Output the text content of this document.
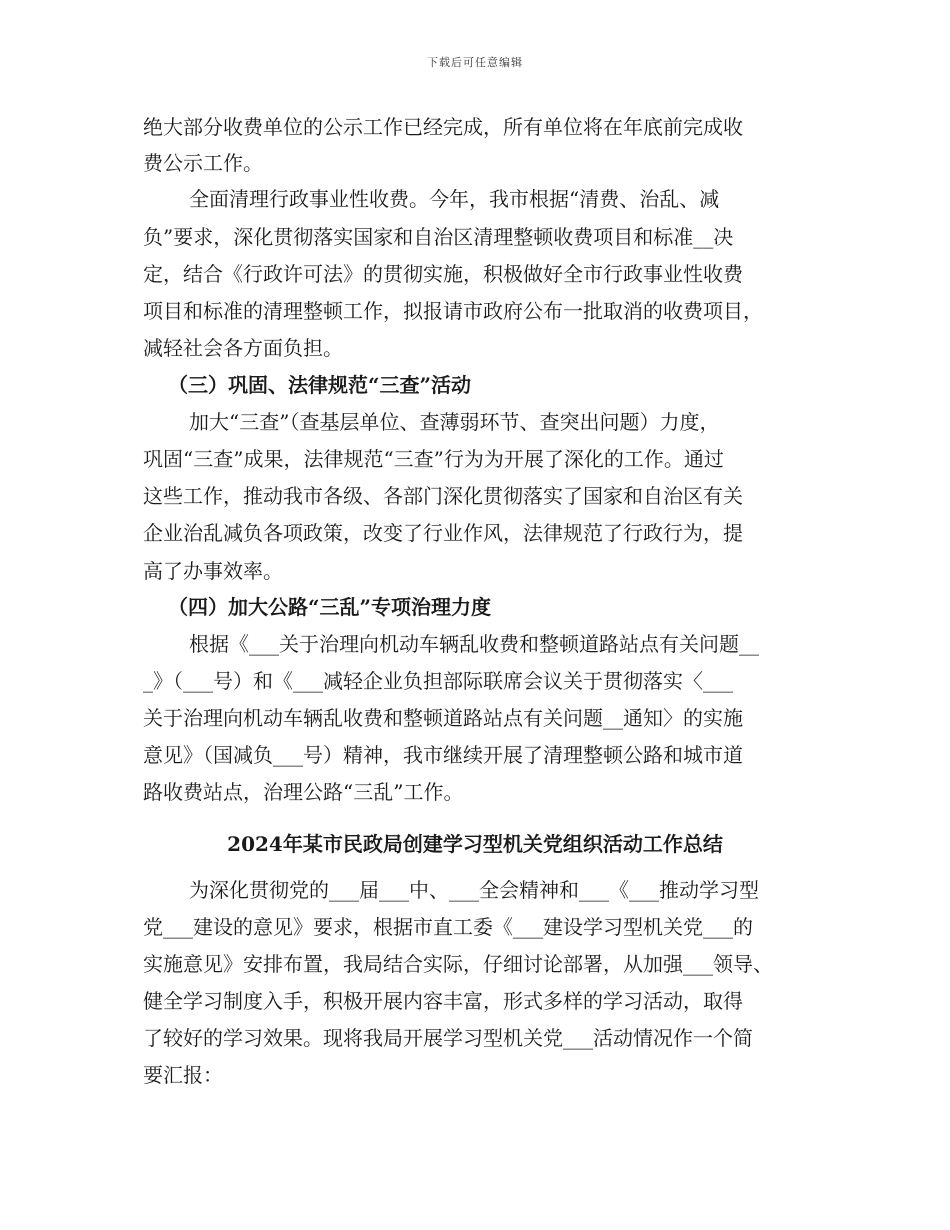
下载后可任意编辑
绝大部分收费单位的公示工作已经完成，所有单位将在年底前完成收
费公示工作。
全面清理行政事业性收费。今年，我市根据“清费、治乱、减
负”要求，深化贯彻落实国家和自治区清理整顿收费项目和标准__决
定，结合《行政许可法》的贯彻实施，积极做好全市行政事业性收费
项目和标准的清理整顿工作，拟报请市政府公布一批取消的收费项目，
减轻社会各方面负担。
（三）巩固、法律规范“三查”活动
加大“三查”（查基层单位、查薄弱环节、查突出问题）力度，
巩固“三查”成果，法律规范“三查”行为为开展了深化的工作。通过
这些工作，推动我市各级、各部门深化贯彻落实了国家和自治区有关
企业治乱减负各项政策，改变了行业作风，法律规范了行政行为，提
高了办事效率。
（四）加大公路“三乱”专项治理力度
根据《___关于治理向机动车辆乱收费和整顿道路站点有关问题__
_》（___号）和《___减轻企业负担部际联席会议关于贯彻落实〈___
关于治理向机动车辆乱收费和整顿道路站点有关问题__通知〉的实施
意见》（国减负___号）精神，我市继续开展了清理整顿公路和城市道
路收费站点，治理公路“三乱”工作。
2024年某市民政局创建学习型机关党组织活动工作总结
为深化贯彻党的___届___中、___全会精神和___《___推动学习型
党___建设的意见》要求，根据市直工委《___建设学习型机关党___的
实施意见》安排布置，我局结合实际，仔细讨论部署，从加强___领导、
健全学习制度入手，积极开展内容丰富，形式多样的学习活动，取得
了较好的学习效果。现将我局开展学习型机关党___活动情况作一个简
要汇报：
